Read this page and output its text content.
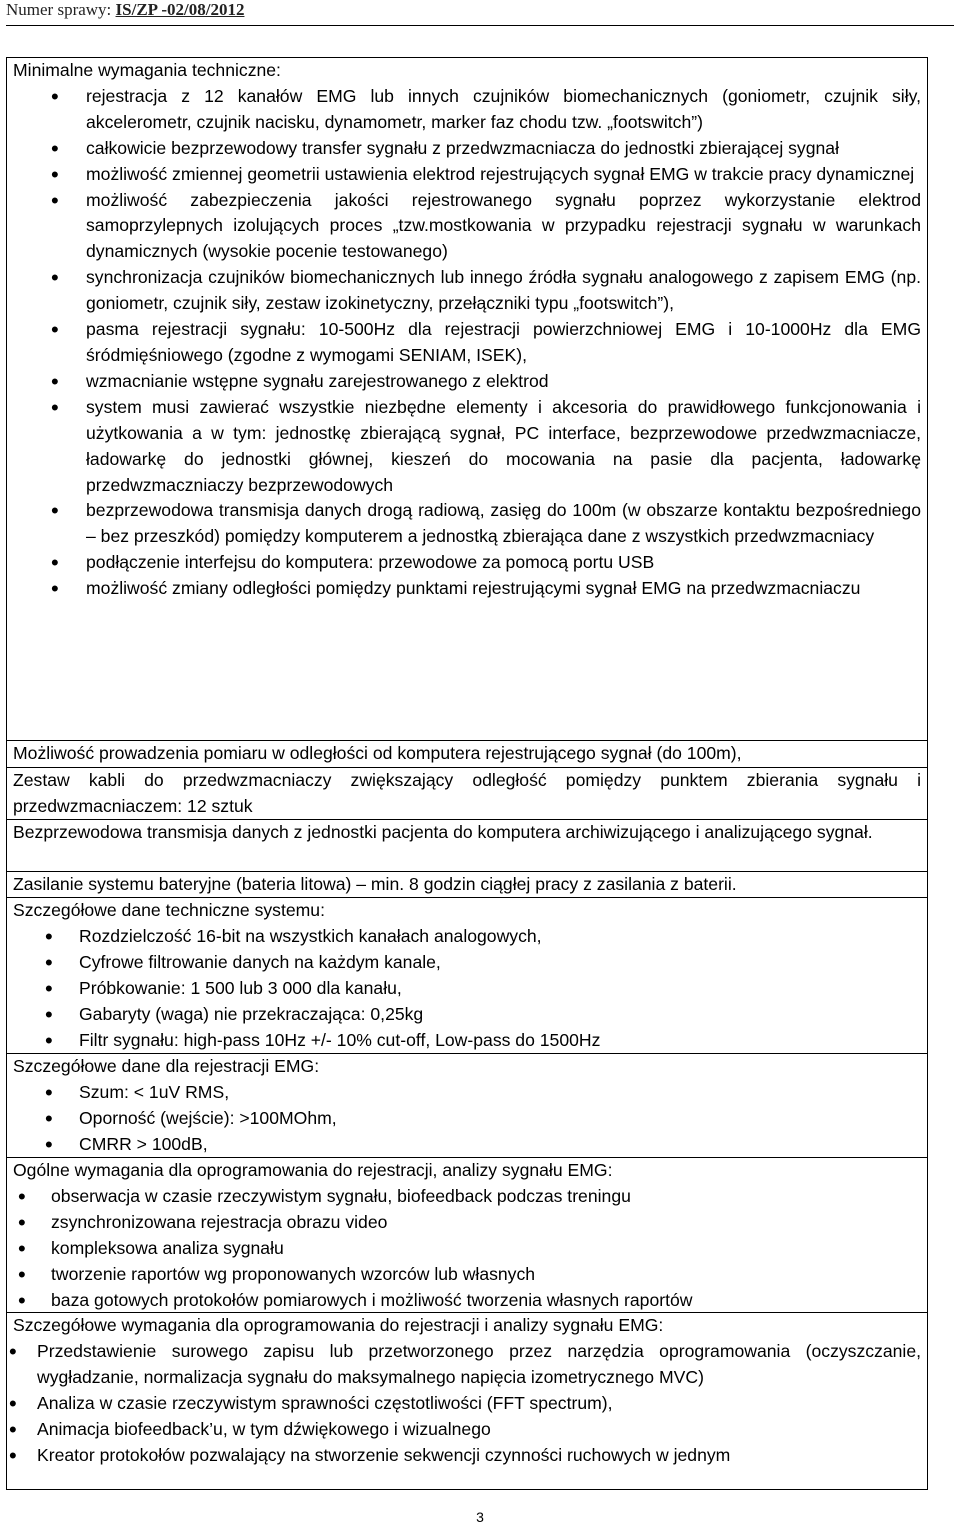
Numer sprawy: IS/ZP -02/08/2012

Minimalne wymagania techniczne:

• rejestracja z 12 kanałów EMG lub innych czujników biomechanicznych (goniometr, czujnik siły, akcelerometr, czujnik nacisku, dynamometr, marker faz chodu tzw. „footswitch”)
• całkowicie bezprzewodowy transfer sygnału z przedwzmacniacza do jednostki zbierającej sygnał
• możliwość zmiennej geometrii ustawienia elektrod rejestrujących sygnał EMG w trakcie pracy dynamicznej
• możliwość zabezpieczenia jakości rejestrowanego sygnału poprzez wykorzystanie elektrod samoprzylepnych izolujących proces „tzw.mostkowania w przypadku rejestracji sygnału w warunkach dynamicznych (wysokie pocenie testowanego)
• synchronizacja czujników biomechanicznych lub innego źródła sygnału analogowego z zapisem EMG (np. goniometr, czujnik siły, zestaw izokinetyczny, przełączniki typu „footswitch”),
• pasma rejestracji sygnału: 10-500Hz dla rejestracji powierzchniowej EMG i 10-1000Hz dla EMG śródmięśniowego (zgodne z wymogami SENIAM, ISEK),
• wzmacnianie wstępne sygnału zarejestrowanego z elektrod
• system musi zawierać wszystkie niezbędne elementy i akcesoria do prawidłowego funkcjonowania i użytkowania a w tym: jednostkę zbierającą sygnał, PC interface, bezprzewodowe przedwzmacniacze, ładowarkę do jednostki głównej, kieszeń do mocowania na pasie dla pacjenta, ładowarkę przedwzmaczniaczy bezprzewodowych
• bezprzewodowa transmisja danych drogą radiową, zasięg do 100m (w obszarze kontaktu bezpośredniego – bez przeszkód) pomiędzy komputerem a jednostką zbierająca dane z wszystkich przedwzmacniacy
• podłączenie interfejsu do komputera: przewodowe za pomocą portu USB
• możliwość zmiany odległości pomiędzy punktami rejestrującymi sygnał EMG na przedwzmacniaczu

Możliwość prowadzenia pomiaru w odległości od komputera rejestrującego sygnał (do 100m),

Zestaw kabli do przedwzmacniaczy zwiększający odległość pomiędzy punktem zbierania sygnału i przedwzmacniaczem: 12 sztuk

Bezprzewodowa transmisja danych z jednostki pacjenta do komputera archiwizującego i analizującego sygnał.

Zasilanie systemu bateryjne (bateria litowa) – min. 8 godzin ciągłej pracy z zasilania z baterii.

Szczegółowe dane techniczne systemu:

• Rozdzielczość 16-bit na wszystkich kanałach analogowych,
• Cyfrowe filtrowanie danych na każdym kanale,
• Próbkowanie: 1 500 lub 3 000 dla kanału,
• Gabaryty (waga) nie przekraczająca: 0,25kg
• Filtr sygnału: high-pass 10Hz +/- 10% cut-off, Low-pass do 1500Hz

Szczegółowe dane dla rejestracji EMG:

• Szum: < 1uV RMS,
• Oporność (wejście): >100MOhm,
• CMRR > 100dB,

Ogólne wymagania dla oprogramowania do rejestracji, analizy sygnału EMG:

• obserwacja w czasie rzeczywistym sygnału, biofeedback podczas treningu
• zsynchronizowana rejestracja obrazu video
• kompleksowa analiza sygnału
• tworzenie raportów wg proponowanych wzorców lub własnych
• baza gotowych protokołów pomiarowych i możliwość tworzenia własnych raportów

Szczegółowe wymagania dla oprogramowania do rejestracji i analizy sygnału EMG:

• Przedstawienie surowego zapisu lub przetworzonego przez narzędzia oprogramowania (oczyszczanie, wygładzanie, normalizacja sygnału do maksymalnego napięcia izometrycznego MVC)
• Analiza w czasie rzeczywistym sprawności częstotliwości (FFT spectrum),
• Animacja biofeedback’u, w tym dźwiękowego i wizualnego
• Kreator protokołów pozwalający na stworzenie sekwencji czynności ruchowych w jednym
3
